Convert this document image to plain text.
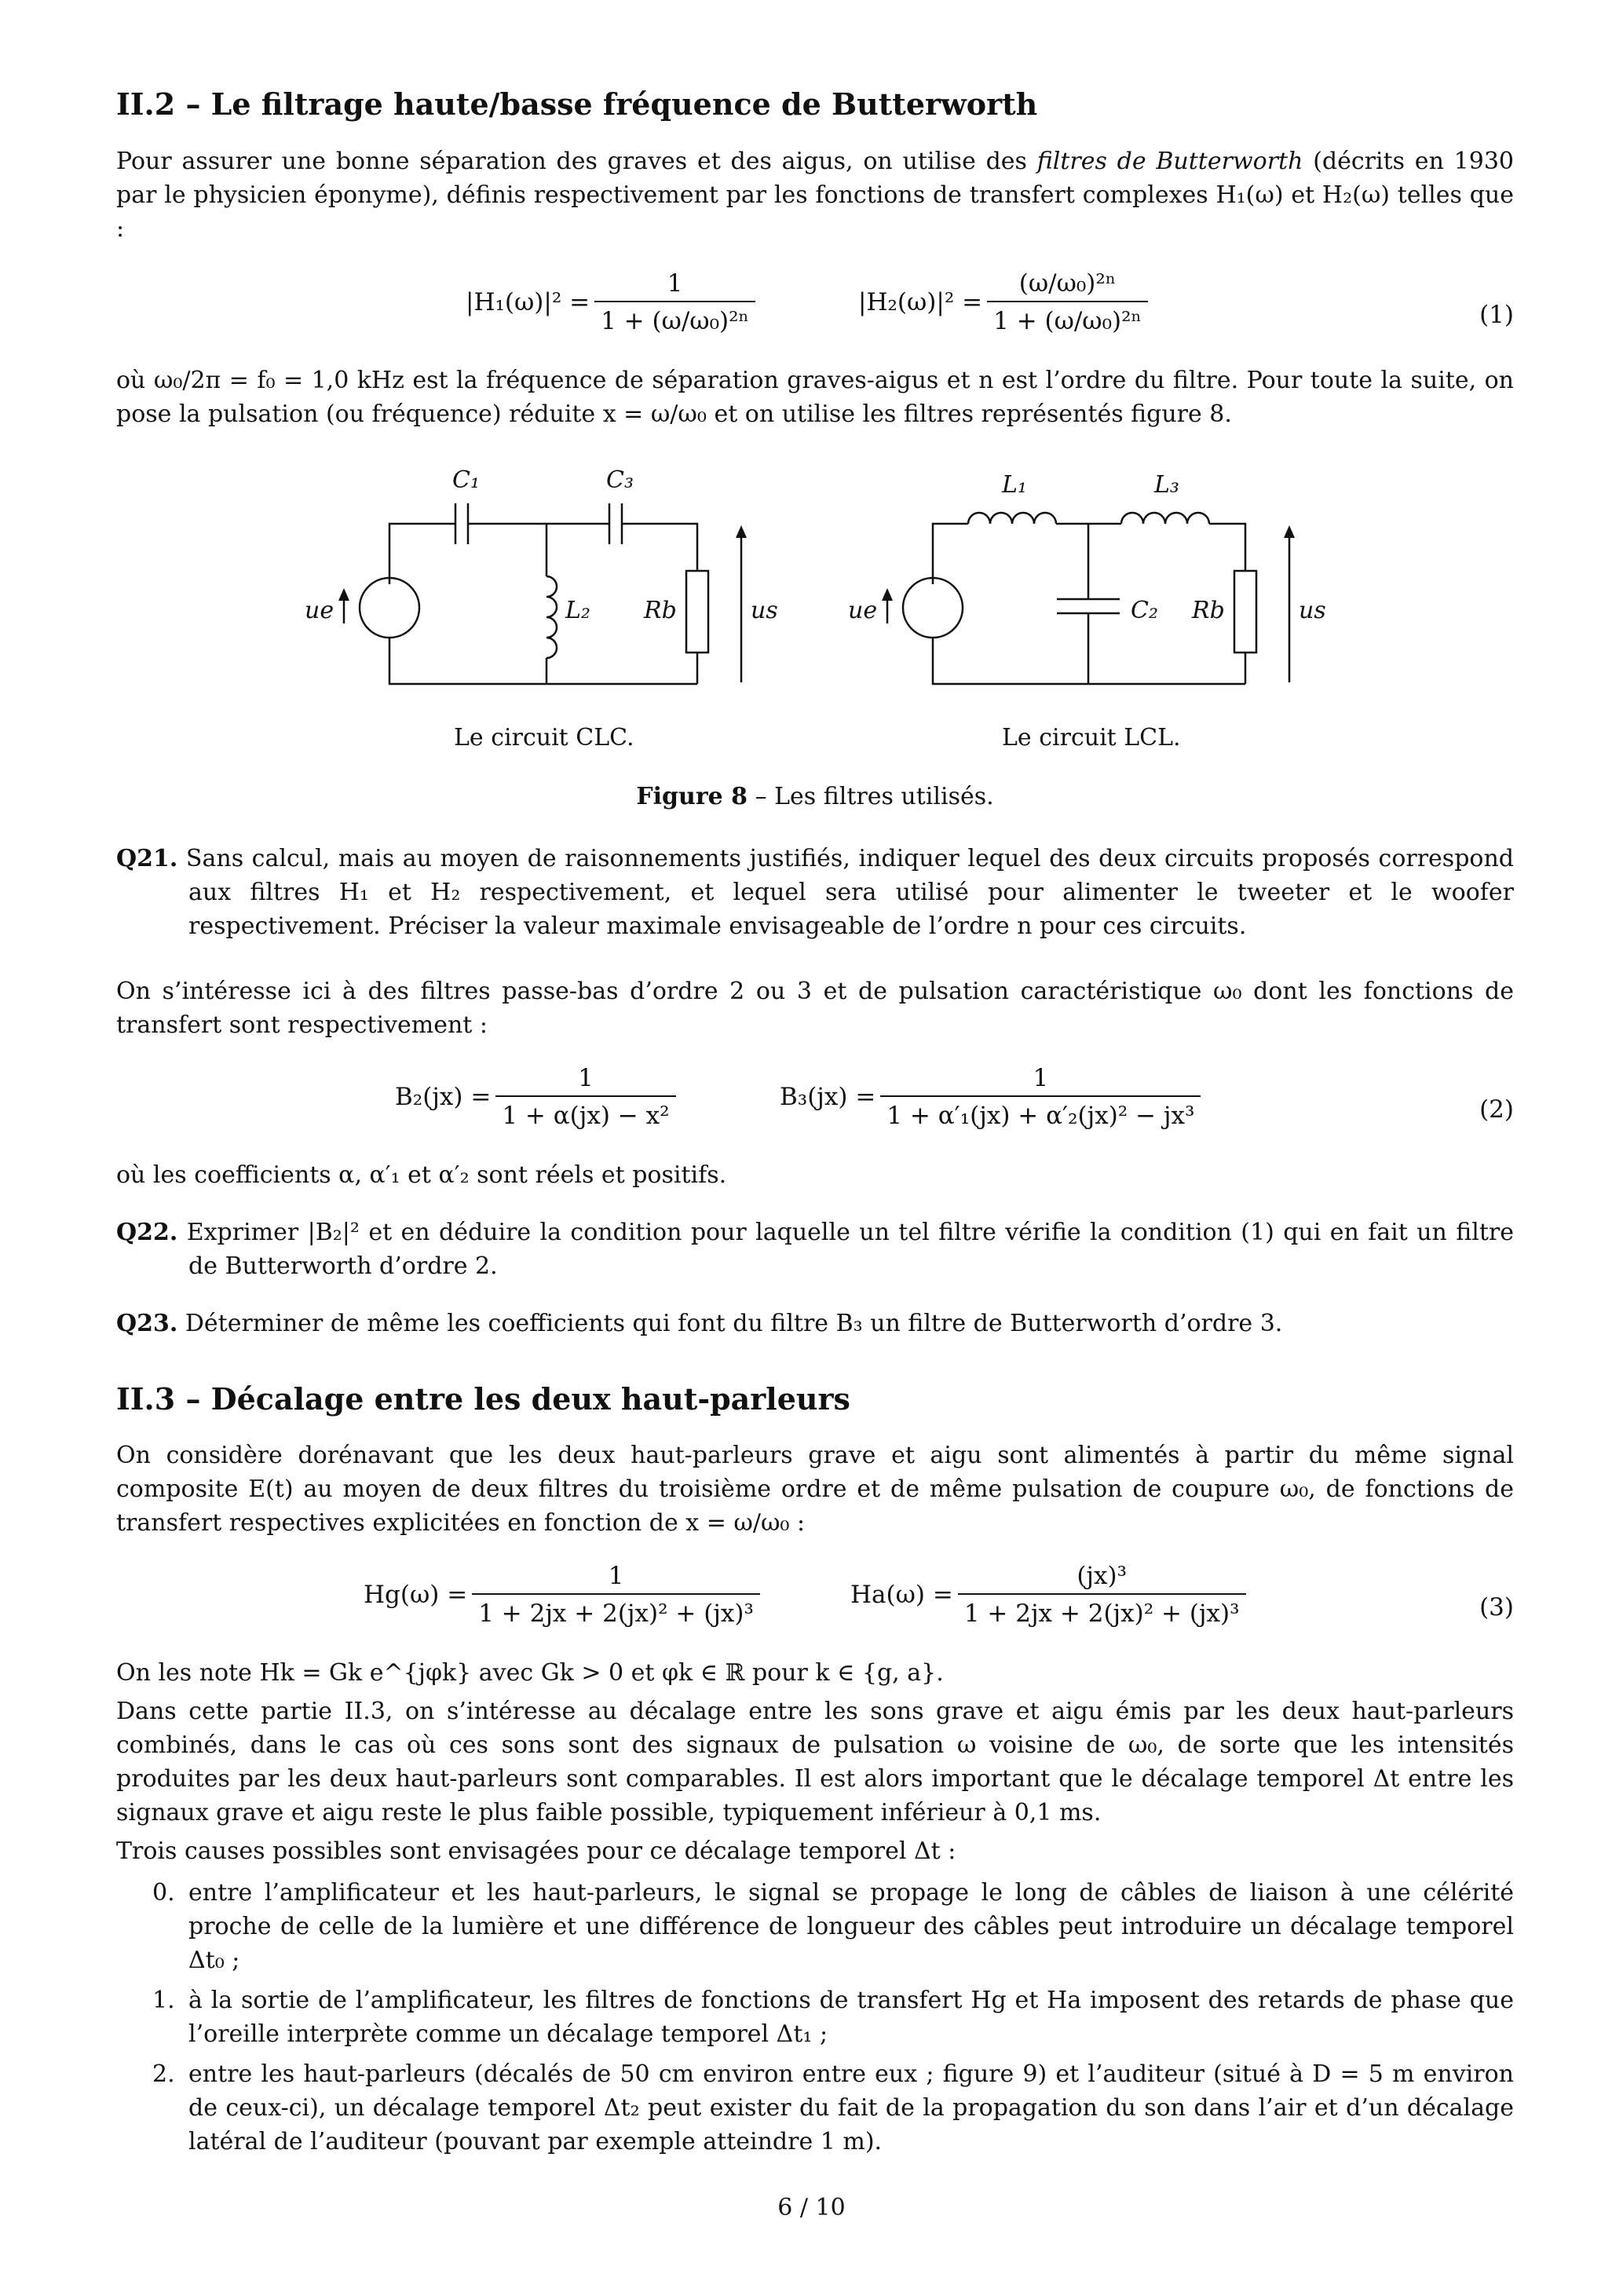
II.2 – Le filtrage haute/basse fréquence de Butterworth

Pour assurer une bonne séparation des graves et des aigus, on utilise des filtres de Butterworth (décrits en 1930 par le physicien éponyme), définis respectivement par les fonctions de transfert complexes H₁(ω) et H₂(ω) telles que :

$|H_1(\omega)|^2 = \frac{1}{\text{1 + (ω/ω₀)²ⁿ}}$	$|H_2(\omega)|^2 = \frac{\text{(ω/ω₀)²ⁿ}}{\text{1 + (ω/ω₀)²ⁿ}}$	(1)

où ω₀/2π = f₀ = 1,0 kHz est la fréquence de séparation graves-aigus et n est l’ordre du filtre. Pour toute la suite, on pose la pulsation (ou fréquence) réduite x = ω/ω₀ et on utilise les filtres représentés figure 8.

C₁	C₃
L₂ Rb
ue	us
L₁	L₃
C₂ Rb
ue	us
Le circuit CLC.	Le circuit LCL.

Figure 8 – Les filtres utilisés.

Q21. Sans calcul, mais au moyen de raisonnements justifiés, indiquer lequel des deux circuits proposés correspond aux filtres H₁ et H₂ respectivement, et lequel sera utilisé pour alimenter le tweeter et le woofer respectivement. Préciser la valeur maximale envisageable de l’ordre n pour ces circuits.

On s’intéresse ici à des filtres passe-bas d’ordre 2 ou 3 et de pulsation caractéristique ω₀ dont les fonctions de transfert sont respectivement :

$B_2(jx) = \frac{1}{\text{1 + α(jx) − x²}}$	$B_3(jx) = \frac{1}{\text{1 + α′₁(jx) + α′₂(jx)² − jx³}}$	(2)

où les coefficients α, α′₁ et α′₂ sont réels et positifs.

Q22. Exprimer |B₂|² et en déduire la condition pour laquelle un tel filtre vérifie la condition (1) qui en fait un filtre de Butterworth d’ordre 2.

Q23. Déterminer de même les coefficients qui font du filtre B₃ un filtre de Butterworth d’ordre 3.

II.3 – Décalage entre les deux haut-parleurs

On considère dorénavant que les deux haut-parleurs grave et aigu sont alimentés à partir du même signal composite E(t) au moyen de deux filtres du troisième ordre et de même pulsation de coupure ω₀, de fonctions de transfert respectives explicitées en fonction de x = ω/ω₀ :

$Hg(\omega) = \frac{1}{\text{1 + 2jx + 2(jx)² + (jx)³}}$	$Ha(\omega) = \frac{\text{(jx)³}}{\text{1 + 2jx + 2(jx)² + (jx)³}}$	(3)

On les note Hk = Gk e^{jφk} avec Gk > 0 et φk ∈ ℝ pour k ∈ {g, a}.

Dans cette partie II.3, on s’intéresse au décalage entre les sons grave et aigu émis par les deux haut-parleurs combinés, dans le cas où ces sons sont des signaux de pulsation ω voisine de ω₀, de sorte que les intensités produites par les deux haut-parleurs sont comparables. Il est alors important que le décalage temporel Δt entre les signaux grave et aigu reste le plus faible possible, typiquement inférieur à 0,1 ms.

Trois causes possibles sont envisagées pour ce décalage temporel Δt :

0. entre l’amplificateur et les haut-parleurs, le signal se propage le long de câbles de liaison à une célérité proche de celle de la lumière et une différence de longueur des câbles peut introduire un décalage temporel Δt₀ ;

1. à la sortie de l’amplificateur, les filtres de fonctions de transfert Hg et Ha imposent des retards de phase que l’oreille interprète comme un décalage temporel Δt₁ ;

2. entre les haut-parleurs (décalés de 50 cm environ entre eux ; figure 9) et l’auditeur (situé à D = 5 m environ de ceux-ci), un décalage temporel Δt₂ peut exister du fait de la propagation du son dans l’air et d’un décalage latéral de l’auditeur (pouvant par exemple atteindre 1 m).

6 / 10
